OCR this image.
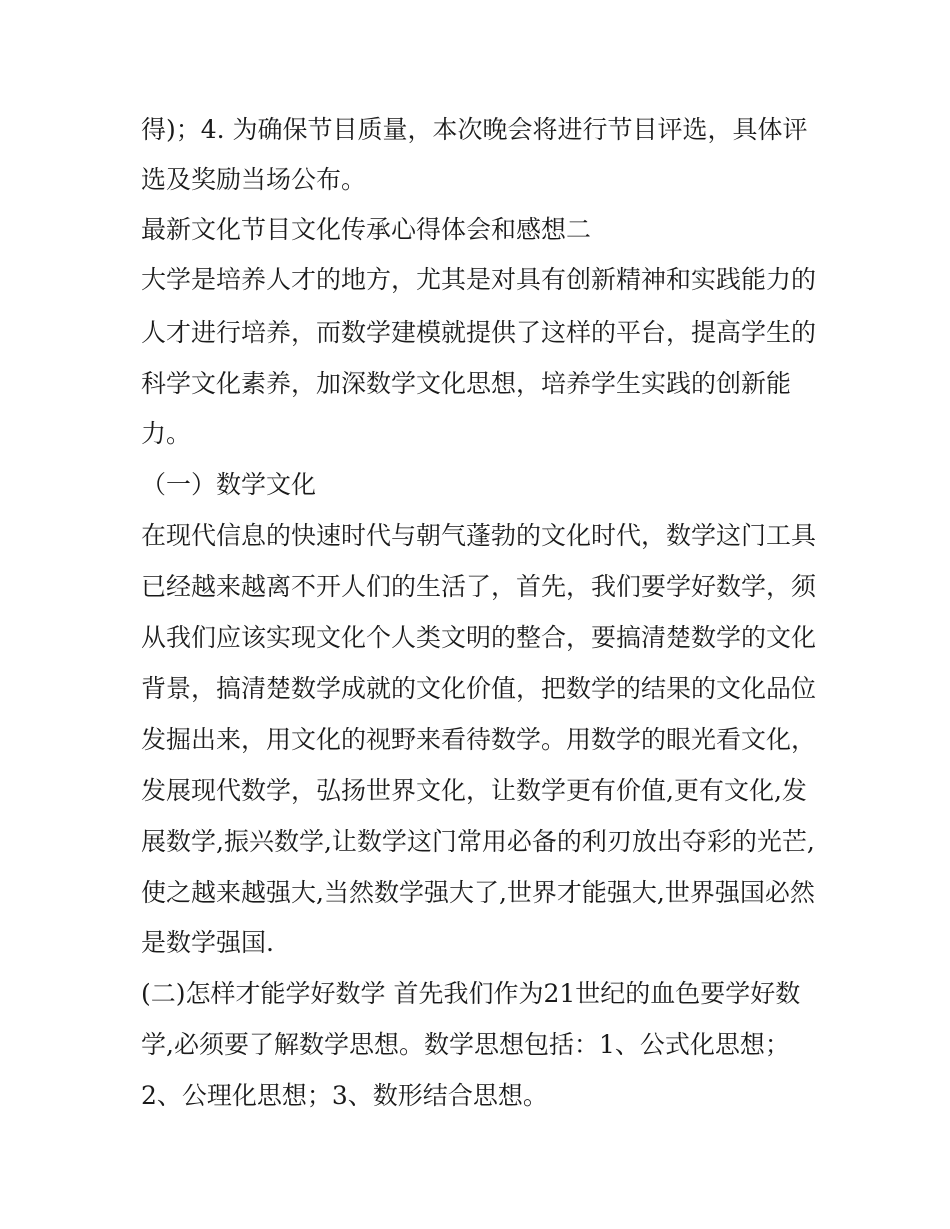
得)；4. 为确保节目质量，本次晚会将进行节目评选，具体评
选及奖励当场公布。
最新文化节目文化传承心得体会和感想二
大学是培养人才的地方，尤其是对具有创新精神和实践能力的
人才进行培养，而数学建模就提供了这样的平台，提高学生的
科学文化素养，加深数学文化思想，培养学生实践的创新能
力。
（一）数学文化
在现代信息的快速时代与朝气蓬勃的文化时代，数学这门工具
已经越来越离不开人们的生活了，首先，我们要学好数学，须
从我们应该实现文化个人类文明的整合，要搞清楚数学的文化
背景，搞清楚数学成就的文化价值，把数学的结果的文化品位
发掘出来，用文化的视野来看待数学。用数学的眼光看文化，
发展现代数学，弘扬世界文化，让数学更有价值,更有文化,发
展数学,振兴数学,让数学这门常用必备的利刃放出夺彩的光芒,
使之越来越强大,当然数学强大了,世界才能强大,世界强国必然
是数学强国.
(二)怎样才能学好数学 首先我们作为21世纪的血色要学好数
学,必须要了解数学思想。数学思想包括：1、公式化思想；
2、公理化思想；3、数形结合思想。
